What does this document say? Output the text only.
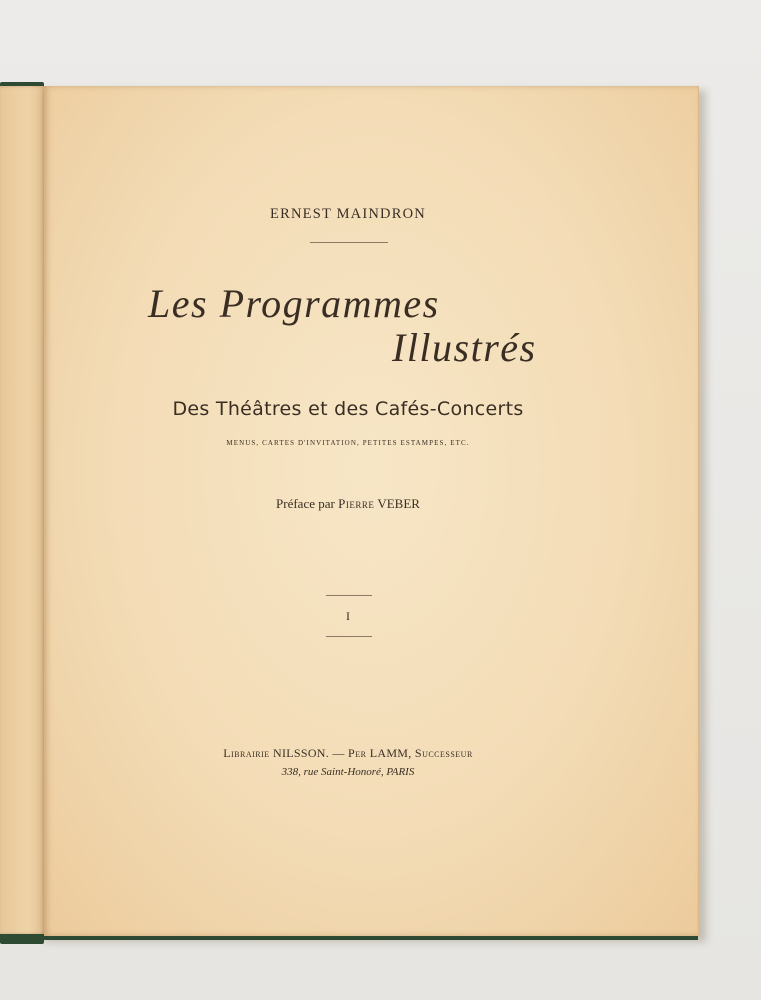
ERNEST MAINDRON
Les Programmes
Illustrés
Des Théâtres et des Cafés-Concerts
MENUS, CARTES D'INVITATION, PETITES ESTAMPES, ETC.
Préface par Pierre VEBER
I
Librairie NILSSON. — Per LAMM, Successeur
338, rue Saint-Honoré, PARIS
